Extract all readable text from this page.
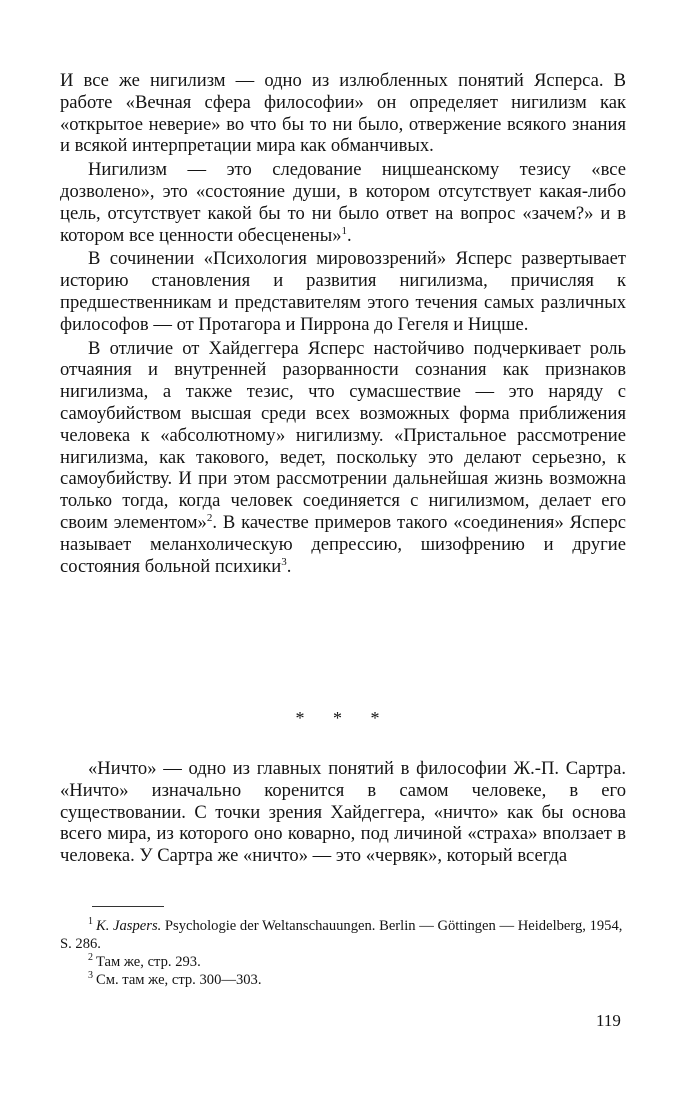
И все же нигилизм — одно из излюбленных понятий Ясперса. В работе «Вечная сфера философии» он определяет нигилизм как «открытое неверие» во что бы то ни было, отвержение всякого знания и всякой интерпретации мира как обманчивых.

Нигилизм — это следование ницшеанскому тезису «все дозволено», это «состояние души, в котором отсутствует какая-либо цель, отсутствует какой бы то ни было ответ на вопрос «зачем?» и в котором все ценности обесценены»$^1$.

В сочинении «Психология мировоззрений» Ясперс развертывает историю становления и развития нигилизма, причисляя к предшественникам и представителям этого течения самых различных философов — от Протагора и Пиррона до Гегеля и Ницше.

В отличие от Хайдеггера Ясперс настойчиво подчеркивает роль отчаяния и внутренней разорванности сознания как признаков нигилизма, а также тезис, что сумасшествие — это наряду с самоубийством высшая среди всех возможных форма приближения человека к «абсолютному» нигилизму. «Пристальное рассмотрение нигилизма, как такового, ведет, поскольку это делают серьезно, к самоубийству. И при этом рассмотрении дальнейшая жизнь возможна только тогда, когда человек соединяется с нигилизмом, делает его своим элементом»$^2$. В качестве примеров такого «соединения» Ясперс называет меланхолическую депрессию, шизофрению и другие состояния больной психики$^3$.

* * *

«Ничто» — одно из главных понятий в философии Ж.-П. Сартра. «Ничто» изначально коренится в самом человеке, в его существовании. С точки зрения Хайдеггера, «ничто» как бы основа всего мира, из которого оно коварно, под личиной «страха» вползает в человека. У Сартра же «ничто» — это «червяк», который всегда

$^1$ K. Jaspers. Psychologie der Weltanschauungen. Berlin — Göttingen — Heidelberg, 1954, S. 286.

$^2$ Там же, стр. 293.

$^3$ См. там же, стр. 300—303.

119
